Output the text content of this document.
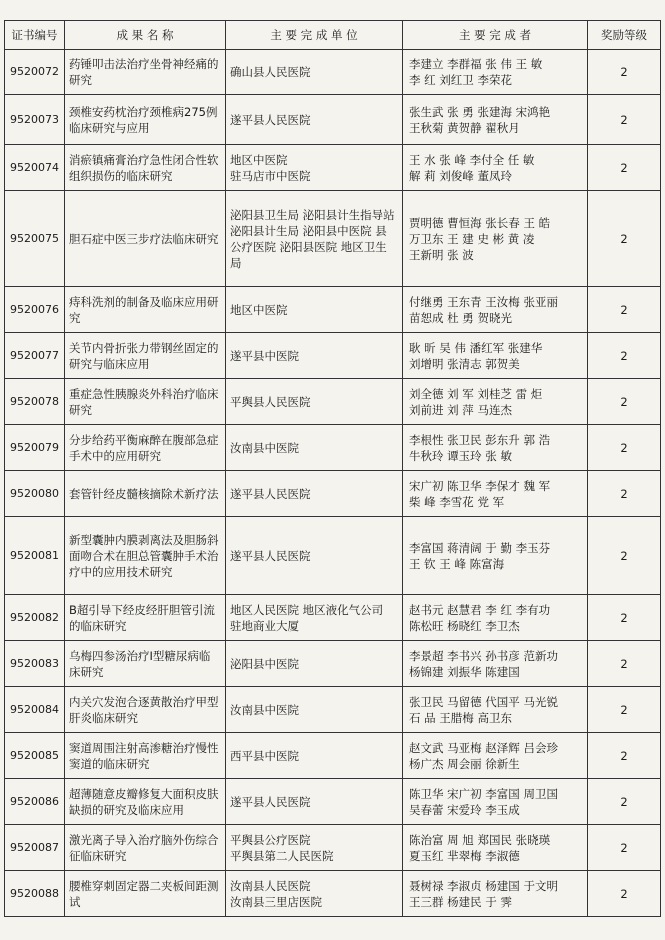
证书编号	成 果 名 称	主 要 完 成 单 位	主 要 完 成 者	奖励等级
9520072	药锤叩击法治疗坐骨神经痛的研究	确山县人民医院	李建立 李群福 张 伟 王 敏
李 红 刘红卫 李荣花	2
9520073	颈椎安药枕治疗颈椎病275例临床研究与应用	遂平县人民医院	张生武 张 勇 张建海 宋鸿艳
王秋菊 黄贺静 翟秋月	2
9520074	消瘀镇痛膏治疗急性闭合性软组织损伤的临床研究	地区中医院
驻马店市中医院	王 水 张 峰 李付全 任 敏
解 莉 刘俊峰 董凤玲	2
9520075	胆石症中医三步疗法临床研究	泌阳县卫生局 泌阳县计生指导站 泌阳县计生局 泌阳县中医院 县公疗医院 泌阳县医院 地区卫生局	贾明德 曹恒海 张长春 王 皓
万卫东 王 建 史 彬 黄 凌
王新明 张 波	2
9520076	痔科洗剂的制备及临床应用研究	地区中医院	付继勇 王东青 王汝梅 张亚丽
苗恕成 杜 勇 贺晓光	2
9520077	关节内骨折张力带钢丝固定的研究与临床应用	遂平县中医院	耿 昕 吴 伟 潘红军 张建华
刘增明 张清志 郭贺美	2
9520078	重症急性胰腺炎外科治疗临床研究	平舆县人民医院	刘全德 刘 军 刘桂芝 雷 炬
刘前进 刘 萍 马连杰	2
9520079	分步给药平衡麻醉在腹部急症手术中的应用研究	汝南县中医院	李根性 张卫民 彭东升 郭 浩
牛秋玲 谭玉玲 张 敏	2
9520080	套管针经皮髓核摘除术新疗法	遂平县人民医院	宋广初 陈卫华 李保才 魏 军
柴 峰 李雪花 党 军	2
9520081	新型囊肿内膜剥离法及胆肠斜面吻合术在胆总管囊肿手术治疗中的应用技术研究	遂平县人民医院	李富国 蒋清阔 于 勤 李玉芬
王 钦 王 峰 陈富海	2
9520082	B超引导下经皮经肝胆管引流的临床研究	地区人民医院 地区液化气公司 驻地商业大厦	赵书元 赵慧君 李 红 李有功
陈松旺 杨晓红 李卫杰	2
9520083	乌梅四参汤治疗Ⅰ型糖尿病临床研究	泌阳县中医院	李景超 李书兴 孙书彦 范新功
杨锦建 刘振华 陈建国	2
9520084	内关穴发泡合逐黄散治疗甲型肝炎临床研究	汝南县中医院	张卫民 马留德 代国平 马光锐
石 品 王腊梅 高卫东	2
9520085	窦道周围注射高渗糖治疗慢性窦道的临床研究	西平县中医院	赵文武 马亚梅 赵泽辉 吕会珍
杨广杰 周会丽 徐新生	2
9520086	超薄随意皮瓣修复大面积皮肤缺损的研究及临床应用	遂平县人民医院	陈卫华 宋广初 李富国 周卫国
吴春蕾 宋爱玲 李玉成	2
9520087	激光离子导入治疗脑外伤综合征临床研究	平舆县公疗医院
平舆县第二人民医院	陈治富 周 旭 郑国民 张晓瑛
夏玉红 芈翠梅 李淑德	2
9520088	腰椎穿刺固定器二夹板间距测试	汝南县人民医院
汝南县三里店医院	聂树禄 李淑贞 杨建国 于文明
王三群 杨建民 于 霁	2
